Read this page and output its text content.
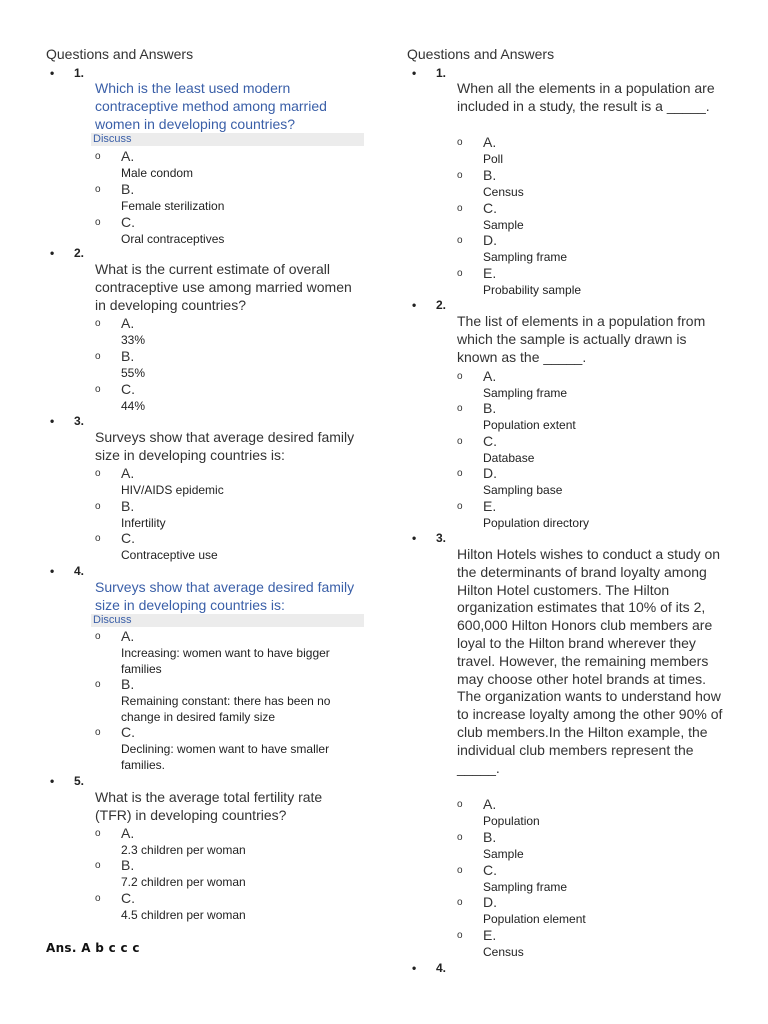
Questions and Answers
• 1.
Which is the least used modern contraceptive method among married women in developing countries?
Discuss
o A.
Male condom
o B.
Female sterilization
o C.
Oral contraceptives
• 2.
What is the current estimate of overall contraceptive use among married women in developing countries?
o A.
33%
o B.
55%
o C.
44%
• 3.
Surveys show that average desired family size in developing countries is:
o A.
HIV/AIDS epidemic
o B.
Infertility
o C.
Contraceptive use
• 4.
Surveys show that average desired family size in developing countries is:
Discuss
o A.
Increasing: women want to have bigger families
o B.
Remaining constant: there has been no change in desired family size
o C.
Declining: women want to have smaller families.
• 5.
What is the average total fertility rate (TFR) in developing countries?
o A.
2.3 children per woman
o B.
7.2 children per woman
o C.
4.5 children per woman
Ans. A b c c c
Questions and Answers
• 1.
When all the elements in a population are included in a study, the result is a _____.
o A.
Poll
o B.
Census
o C.
Sample
o D.
Sampling frame
o E.
Probability sample
• 2.
The list of elements in a population from which the sample is actually drawn is known as the _____.
o A.
Sampling frame
o B.
Population extent
o C.
Database
o D.
Sampling base
o E.
Population directory
• 3.
Hilton Hotels wishes to conduct a study on the determinants of brand loyalty among Hilton Hotel customers. The Hilton organization estimates that 10% of its 2, 600,000 Hilton Honors club members are loyal to the Hilton brand wherever they travel. However, the remaining members may choose other hotel brands at times. The organization wants to understand how to increase loyalty among the other 90% of club members.In the Hilton example, the individual club members represent the _____.
o A.
Population
o B.
Sample
o C.
Sampling frame
o D.
Population element
o E.
Census
• 4.
